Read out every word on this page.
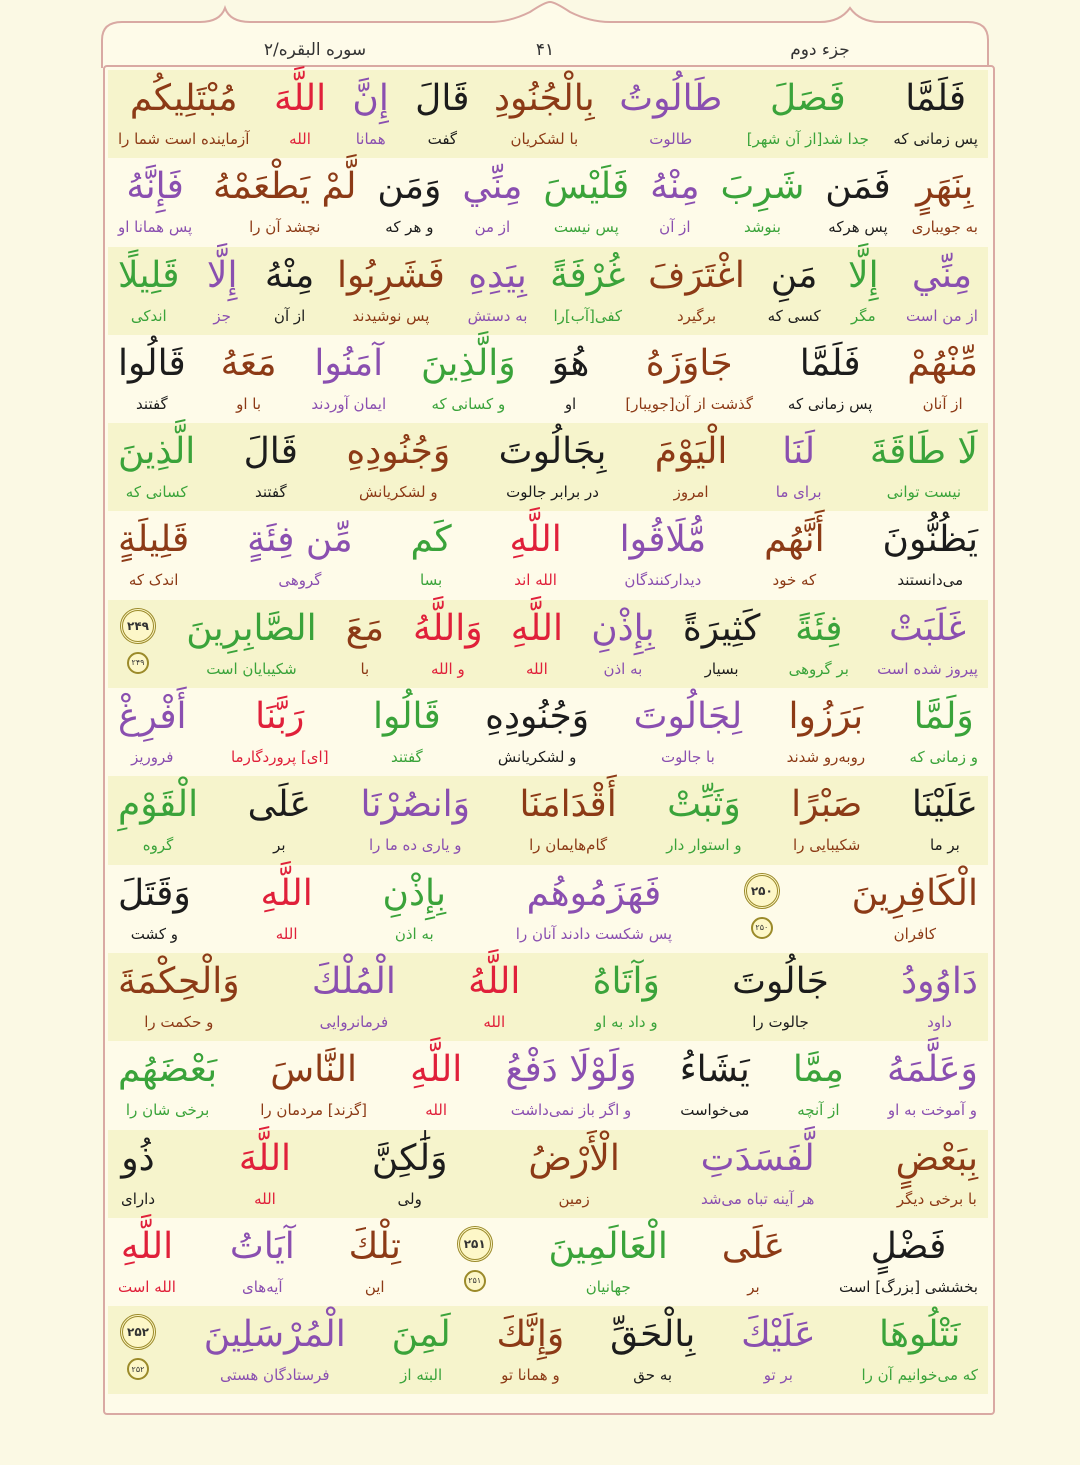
جزء دوم
۴۱
سوره البقره/۲
فَلَمَّا
پس زمانی که
فَصَلَ
جدا شد[از آن شهر]
طَالُوتُ
طالوت
بِالْجُنُودِ
با لشکریان
قَالَ
گفت
إِنَّ
همانا
اللَّهَ
الله
مُبْتَلِيكُم
آزماینده است شما را
بِنَهَرٍ
به جویباری
فَمَن
پس هرکه
شَرِبَ
بنوشد
مِنْهُ
از آن
فَلَيْسَ
پس نیست
مِنِّي
از من
وَمَن
و هر که
لَّمْ يَطْعَمْهُ
نچشد آن را
فَإِنَّهُ
پس همانا او
مِنِّي
از من است
إِلَّا
مگر
مَنِ
کسی که
اغْتَرَفَ
برگیرد
غُرْفَةً
کفی[آب]را
بِيَدِهِ
به دستش
فَشَرِبُوا
پس نوشیدند
مِنْهُ
از آن
إِلَّا
جز
قَلِيلًا
اندکی
مِّنْهُمْ
از آنان
فَلَمَّا
پس زمانی که
جَاوَزَهُ
گذشت از آن[جویبار]
هُوَ
او
وَالَّذِينَ
و کسانی که
آمَنُوا
ایمان آوردند
مَعَهُ
با او
قَالُوا
گفتند
لَا طَاقَةَ
نیست توانی
لَنَا
برای ما
الْيَوْمَ
امروز
بِجَالُوتَ
در برابر جالوت
وَجُنُودِهِ
و لشکریانش
قَالَ
گفتند
الَّذِينَ
کسانی که
يَظُنُّونَ
می‌دانستند
أَنَّهُم
که خود
مُّلَاقُوا
دیدارکنندگان
اللَّهِ
الله اند
كَم
بسا
مِّن فِئَةٍ
گروهی
قَلِيلَةٍ
اندک که
غَلَبَتْ
پیروز شده است
فِئَةً
بر گروهی
كَثِيرَةً
بسیار
بِإِذْنِ
به اذن
اللَّهِ
الله
وَاللَّهُ
و الله
مَعَ
با
الصَّابِرِينَ
شکیبایان است
۲۴۹
۲۴۹
وَلَمَّا
و زمانی که
بَرَزُوا
روبه‌رو شدند
لِجَالُوتَ
با جالوت
وَجُنُودِهِ
و لشکریانش
قَالُوا
گفتند
رَبَّنَا
[ای] پروردگارما
أَفْرِغْ
فروریز
عَلَيْنَا
بر ما
صَبْرًا
شکیبایی را
وَثَبِّتْ
و استوار دار
أَقْدَامَنَا
گام‌هایمان را
وَانصُرْنَا
و یاری ده ما را
عَلَى
بر
الْقَوْمِ
گروه
الْكَافِرِينَ
کافران
۲۵۰
۲۵۰
فَهَزَمُوهُم
پس شکست دادند آنان را
بِإِذْنِ
به اذن
اللَّهِ
الله
وَقَتَلَ
و کشت
دَاوُودُ
داود
جَالُوتَ
جالوت را
وَآتَاهُ
و داد به او
اللَّهُ
الله
الْمُلْكَ
فرمانروایی
وَالْحِكْمَةَ
و حکمت را
وَعَلَّمَهُ
و آموخت به او
مِمَّا
از آنچه
يَشَاءُ
می‌خواست
وَلَوْلَا دَفْعُ
و اگر باز نمی‌داشت
اللَّهِ
الله
النَّاسَ
[گزند] مردمان را
بَعْضَهُم
برخی شان را
بِبَعْضٍ
با برخی دیگر
لَّفَسَدَتِ
هر آینه تباه می‌شد
الْأَرْضُ
زمین
وَلَٰكِنَّ
ولی
اللَّهَ
الله
ذُو
دارای
فَضْلٍ
بخششی [بزرگ] است
عَلَى
بر
الْعَالَمِينَ
جهانیان
۲۵۱
۲۵۱
تِلْكَ
این
آيَاتُ
آیه‌های
اللَّهِ
الله است
نَتْلُوهَا
که می‌خوانیم آن را
عَلَيْكَ
بر تو
بِالْحَقِّ
به حق
وَإِنَّكَ
و همانا تو
لَمِنَ
البته از
الْمُرْسَلِينَ
فرستادگان هستی
۲۵۲
۲۵۲
